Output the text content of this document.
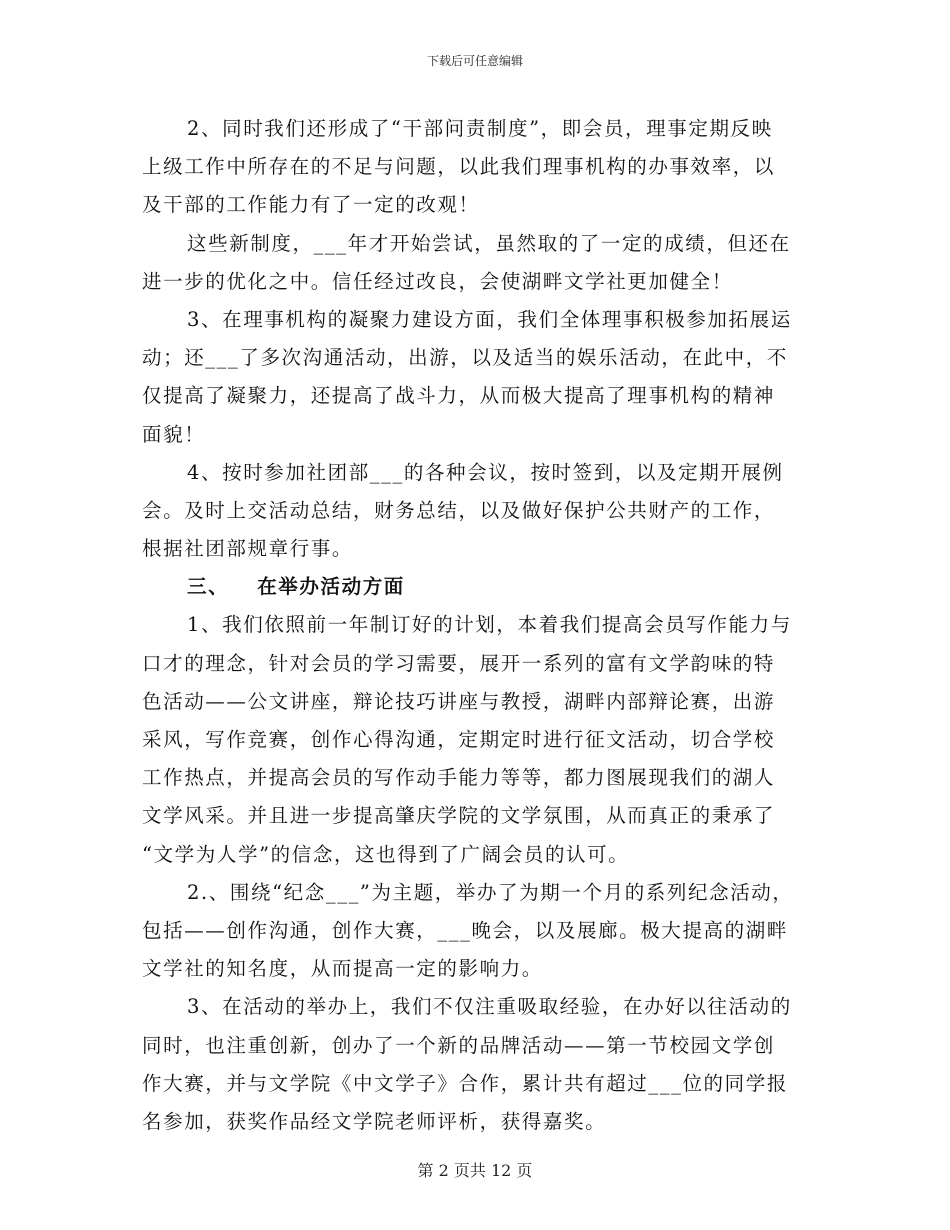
下载后可任意编辑
2、同时我们还形成了“干部问责制度”，即会员，理事定期反映
上级工作中所存在的不足与问题，以此我们理事机构的办事效率，以
及干部的工作能力有了一定的改观！
这些新制度，___年才开始尝试，虽然取的了一定的成绩，但还在
进一步的优化之中。信任经过改良，会使湖畔文学社更加健全！
3、在理事机构的凝聚力建设方面，我们全体理事积极参加拓展运
动；还___了多次沟通活动，出游，以及适当的娱乐活动，在此中，不
仅提高了凝聚力，还提高了战斗力，从而极大提高了理事机构的精神
面貌！
4、按时参加社团部___的各种会议，按时签到，以及定期开展例
会。及时上交活动总结，财务总结，以及做好保护公共财产的工作，
根据社团部规章行事。
三、 在举办活动方面
1、我们依照前一年制订好的计划，本着我们提高会员写作能力与
口才的理念，针对会员的学习需要，展开一系列的富有文学韵味的特
色活动——公文讲座，辩论技巧讲座与教授，湖畔内部辩论赛，出游
采风，写作竞赛，创作心得沟通，定期定时进行征文活动，切合学校
工作热点，并提高会员的写作动手能力等等，都力图展现我们的湖人
文学风采。并且进一步提高肇庆学院的文学氛围，从而真正的秉承了
“文学为人学”的信念，这也得到了广阔会员的认可。
2.、围绕“纪念___”为主题，举办了为期一个月的系列纪念活动，
包括——创作沟通，创作大赛，___晚会，以及展廊。极大提高的湖畔
文学社的知名度，从而提高一定的影响力。
3、在活动的举办上，我们不仅注重吸取经验，在办好以往活动的
同时，也注重创新，创办了一个新的品牌活动——第一节校园文学创
作大赛，并与文学院《中文学子》合作，累计共有超过___位的同学报
名参加，获奖作品经文学院老师评析，获得嘉奖。
第 2 页共 12 页
